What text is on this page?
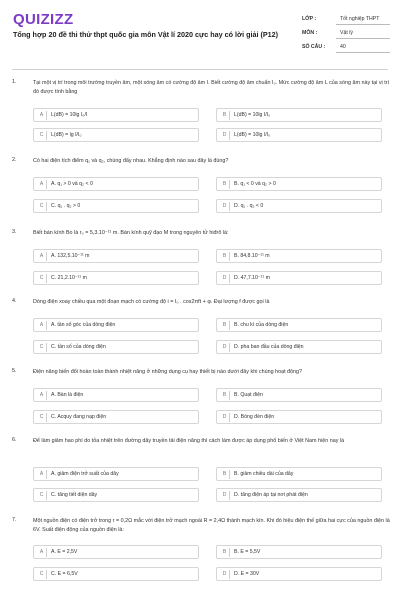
QUIZIZZ
Tổng hợp 20 đề thi thử thpt quốc gia môn Vật lí 2020 cực hay có lời giải (P12)
LỚP :	Tốt nghiệp THPT
MÔN :	Vật lý
SỐ CÂU :	40
1.	Tại một vị trí trong môi trường truyền âm, một sóng âm có cường độ âm I. Biết cường độ âm chuẩn I₀. Mức cường độ âm L của sóng âm này tại vị trí đó được tính bằng
A	L(dB) = 10lg I₀/I	B	L(dB) = 10lg I/I₀
C	L(dB) = lg I/I₀	D	L(dB) = 10lg I/I₀
2.	Có hai điện tích điểm q₁ và q₂, chúng đẩy nhau. Khẳng định nào sau đây là đúng?
A	A. q₁ > 0 và q₂ < 0	B	B. q₁ < 0 và q₂ > 0
C	C. q₁ . q₂ > 0	D	D. q₁ . q₂ < 0
3.	Biết bán kính Bo là r₀ = 5,3.10⁻¹¹ m. Bán kính quỹ đạo M trong nguyên tử hiđrô là:
A	A. 132,5.10⁻¹¹ m	B	B. 84,8.10⁻¹¹ m
C	C. 21,2.10⁻¹¹ m	D	D. 47,7.10⁻¹¹ m
4.	Dòng điện xoay chiều qua một đoạn mạch có cường độ i = I₀ . cos2πft + φ. Đại lượng f được gọi là
A	A. tần số góc của dòng điện	B	B. chu kì của dòng điện
C	C. tần số của dòng điện	D	D. pha ban đầu của dòng điện
5.	Điện năng biến đổi hoàn toàn thành nhiệt năng ở những dụng cụ hay thiết bị nào dưới đây khi chúng hoạt động?
A	A. Bàn là điện	B	B. Quạt điện
C	C. Acquy đang nạp điện	D	D. Bóng đèn điện
6.	Để làm giảm hao phí do tỏa nhiệt trên đường dây truyền tải điện năng thì cách làm được áp dụng phổ biến ở Việt Nam hiện nay là
A	A. giảm điện trở suất của dây	B	B. giảm chiều dài của dây
C	C. tăng tiết diện dây	D	D. tăng điện áp tại nơi phát điện
7.	Một nguồn điện có điện trở trong r = 0,2Ω mắc với điện trở mạch ngoài R = 2,4Ω thành mạch kín. Khi đó hiệu điện thế giữa hai cực của nguồn điện là 6V. Suất điện động của nguồn điện là:
A	A. E = 2,5V	B	B. E = 5,5V
C	C. E = 6,5V	D	D. E = 30V
